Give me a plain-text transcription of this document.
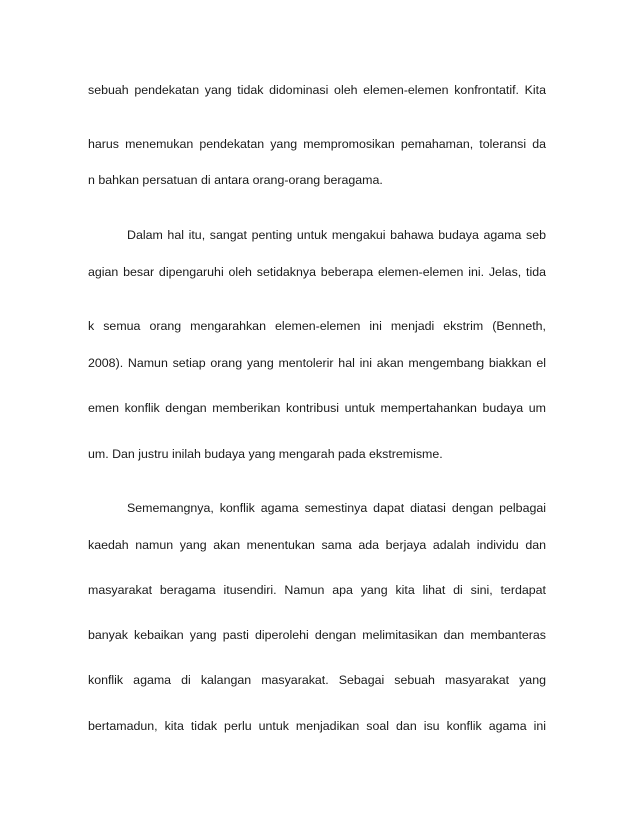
sebuah pendekatan yang tidak didominasi oleh elemen-elemen konfrontatif. Kita
harus menemukan pendekatan yang mempromosikan pemahaman, toleransi da
n bahkan persatuan di antara orang-orang beragama.
Dalam hal itu, sangat penting untuk mengakui bahawa budaya agama seb
agian besar dipengaruhi oleh setidaknya beberapa elemen-elemen ini. Jelas, tida
k semua orang mengarahkan elemen-elemen ini menjadi ekstrim (Benneth,
2008). Namun setiap orang yang mentolerir hal ini akan mengembang biakkan el
emen konflik dengan memberikan kontribusi untuk mempertahankan budaya um
um. Dan justru inilah budaya yang mengarah pada ekstremisme.
Sememangnya, konflik agama semestinya dapat diatasi dengan pelbagai
kaedah namun yang akan menentukan sama ada berjaya adalah individu dan
masyarakat beragama itusendiri. Namun apa yang kita lihat di sini, terdapat
banyak kebaikan yang pasti diperolehi dengan melimitasikan dan membanteras
konflik agama di kalangan masyarakat. Sebagai sebuah masyarakat yang
bertamadun, kita tidak perlu untuk menjadikan soal dan isu konflik agama ini
